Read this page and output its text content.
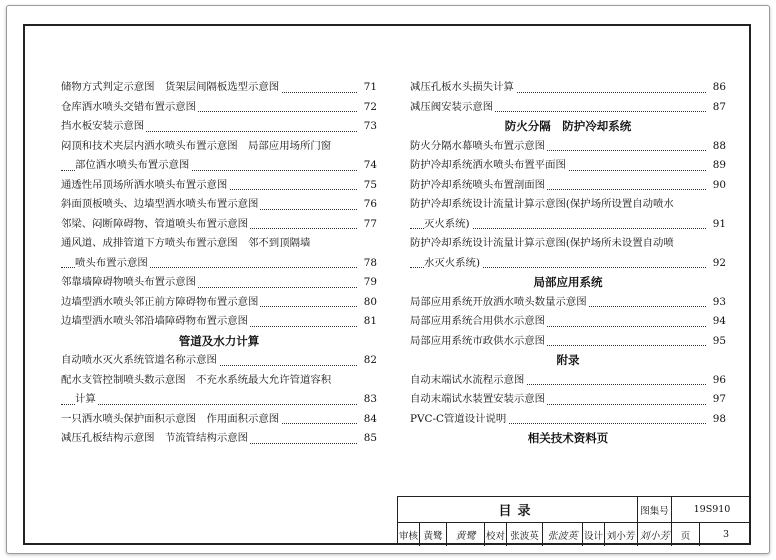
储物方式判定示意图　货架层间隔板选型示意图	71
仓库洒水喷头交错布置示意图	72
挡水板安装示意图	73
闷顶和技术夹层内洒水喷头布置示意图　局部应用场所门窗
部位洒水喷头布置示意图	74
通透性吊顶场所洒水喷头布置示意图	75
斜面顶板喷头、边墙型洒水喷头布置示意图	76
邻梁、闷断障碍物、管道喷头布置示意图	77
通风道、成排管道下方喷头布置示意图　邻不到顶隔墙
喷头布置示意图	78
邻靠墙障碍物喷头布置示意图	79
边墙型洒水喷头邻正前方障碍物布置示意图	80
边墙型洒水喷头邻沿墙障碍物布置示意图	81
管道及水力计算
自动喷水灭火系统管道名称示意图	82
配水支管控制喷头数示意图　不充水系统最大允许管道容积
计算	83
一只洒水喷头保护面积示意图　作用面积示意图	84
减压孔板结构示意图　节流管结构示意图	85
减压孔板水头损失计算	86
减压阀安装示意图	87
防火分隔　防护冷却系统
防火分隔水幕喷头布置示意图	88
防护冷却系统洒水喷头布置平面图	89
防护冷却系统喷头布置剖面图	90
防护冷却系统设计流量计算示意图(保护场所设置自动喷水
灭火系统)	91
防护冷却系统设计流量计算示意图(保护场所未设置自动喷
水灭火系统)	92
局部应用系统
局部应用系统开放洒水喷头数量示意图	93
局部应用系统合用供水示意图	94
局部应用系统市政供水示意图	95
附录
自动末端试水流程示意图	96
自动末端试水装置安装示意图	97
PVC-C管道设计说明	98
相关技术资料页
目录	图集号	19S910
审核 黄鹭	黄鹭	校对 张波英 张波英 设计 刘小芳 刘小芳	页	3
